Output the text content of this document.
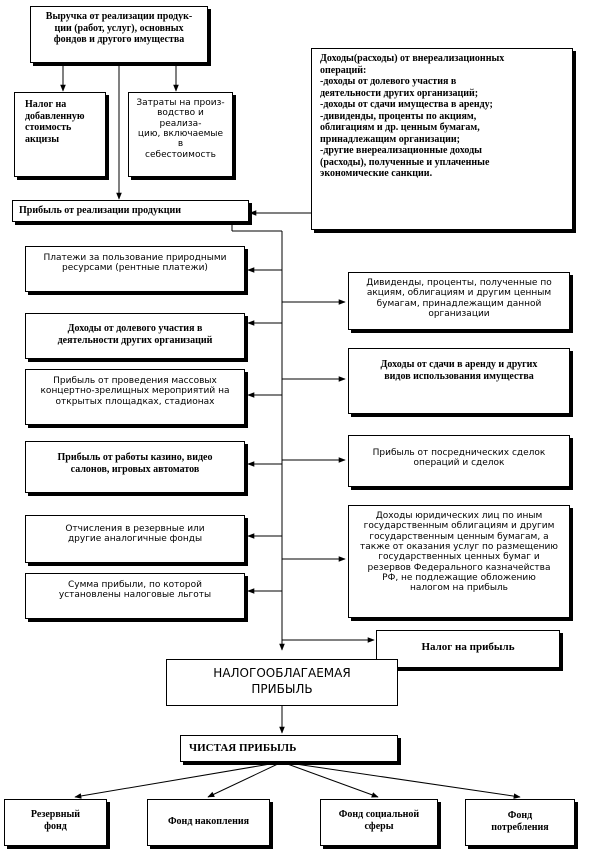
Выручка от реализации продук-
ции (работ, услуг), основных
фондов и другого имущества
Налог на
добавленную
стоимость
акцизы
Затраты на произ-
водство и реализа-
цию, включаемые в
себестоимость
Доходы(расходы) от внереализационных
операций:
-доходы от долевого участия в
деятельности других организаций;
-доходы от сдачи имущества в аренду;
-дивиденды, проценты по акциям,
облигациям и др. ценным бумагам,
принадлежащим организации;
-другие внереализационные доходы
(расходы), полученные и уплаченные
экономические санкции.
Прибыль от реализации продукции
Платежи за пользование природными
ресурсами (рентные платежи)
Доходы от долевого участия в
деятельности других организаций
Прибыль от проведения массовых
концертно-зрелищных мероприятий на
открытых площадках, стадионах
Прибыль от работы казино, видео
салонов, игровых автоматов
Отчисления в резервные или
другие аналогичные фонды
Сумма прибыли, по которой
установлены налоговые льготы
Дивиденды, проценты, полученные по
акциям, облигациям и другим ценным
бумагам, принадлежащим данной
организации
Доходы от сдачи в аренду и других
видов использования имущества
Прибыль от посреднических сделок
операций и сделок
Доходы юридических лиц по иным
государственным облигациям и другим
государственным ценным бумагам, а
также от оказания услуг по размещению
государственных ценных бумаг и
резервов Федерального казначейства
РФ, не подлежащие обложению
налогом на прибыль
Налог на прибыль
НАЛОГООБЛАГАЕМАЯ
ПРИБЫЛЬ
ЧИСТАЯ ПРИБЫЛЬ
Резервный
фонд	Фонд накопления
Фонд социальной
сферы
Фонд
потребления
